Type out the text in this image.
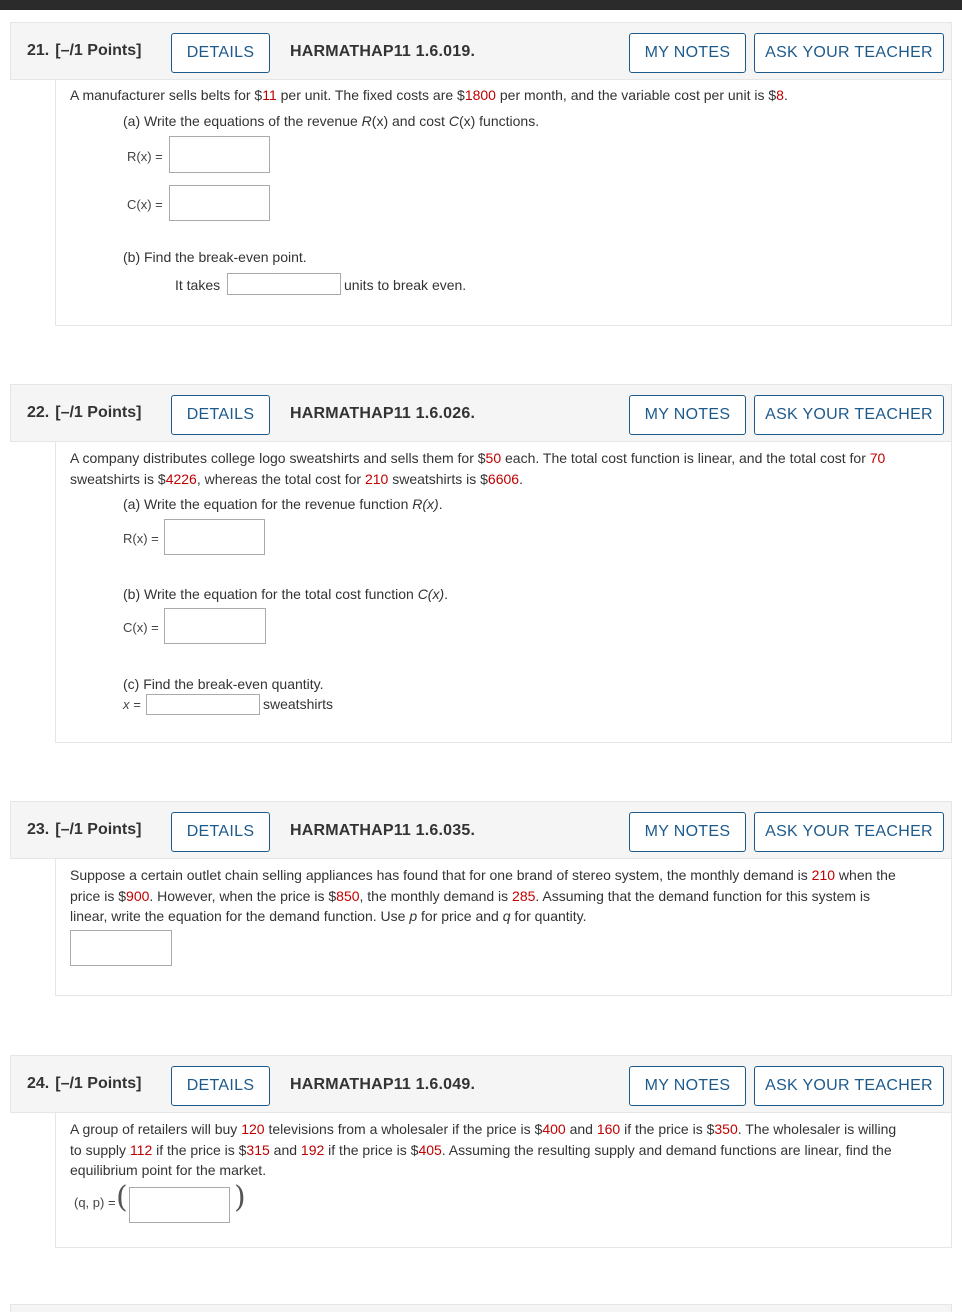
21. [–/1 Points]	DETAILS	HARMATHAP11 1.6.019.	MY NOTES	ASK YOUR TEACHER
A manufacturer sells belts for $11 per unit. The fixed costs are $1800 per month, and the variable cost per unit is $8.
(a) Write the equations of the revenue R(x) and cost C(x) functions.
R(x) =
C(x) =
(b) Find the break-even point.
It takes	units to break even.
22. [–/1 Points]	DETAILS	HARMATHAP11 1.6.026.	MY NOTES	ASK YOUR TEACHER
A company distributes college logo sweatshirts and sells them for $50 each. The total cost function is linear, and the total cost for 70
sweatshirts is $4226, whereas the total cost for 210 sweatshirts is $6606.
(a) Write the equation for the revenue function R(x).
R(x) =
(b) Write the equation for the total cost function C(x).
C(x) =
(c) Find the break-even quantity.
x =	sweatshirts
23. [–/1 Points]	DETAILS	HARMATHAP11 1.6.035.	MY NOTES	ASK YOUR TEACHER
Suppose a certain outlet chain selling appliances has found that for one brand of stereo system, the monthly demand is 210 when the
price is $900. However, when the price is $850, the monthly demand is 285. Assuming that the demand function for this system is
linear, write the equation for the demand function. Use p for price and q for quantity.
24. [–/1 Points]	DETAILS	HARMATHAP11 1.6.049.	MY NOTES	ASK YOUR TEACHER
A group of retailers will buy 120 televisions from a wholesaler if the price is $400 and 160 if the price is $350. The wholesaler is willing
to supply 112 if the price is $315 and 192 if the price is $405. Assuming the resulting supply and demand functions are linear, find the
equilibrium point for the market.
(q, p) = (	)
